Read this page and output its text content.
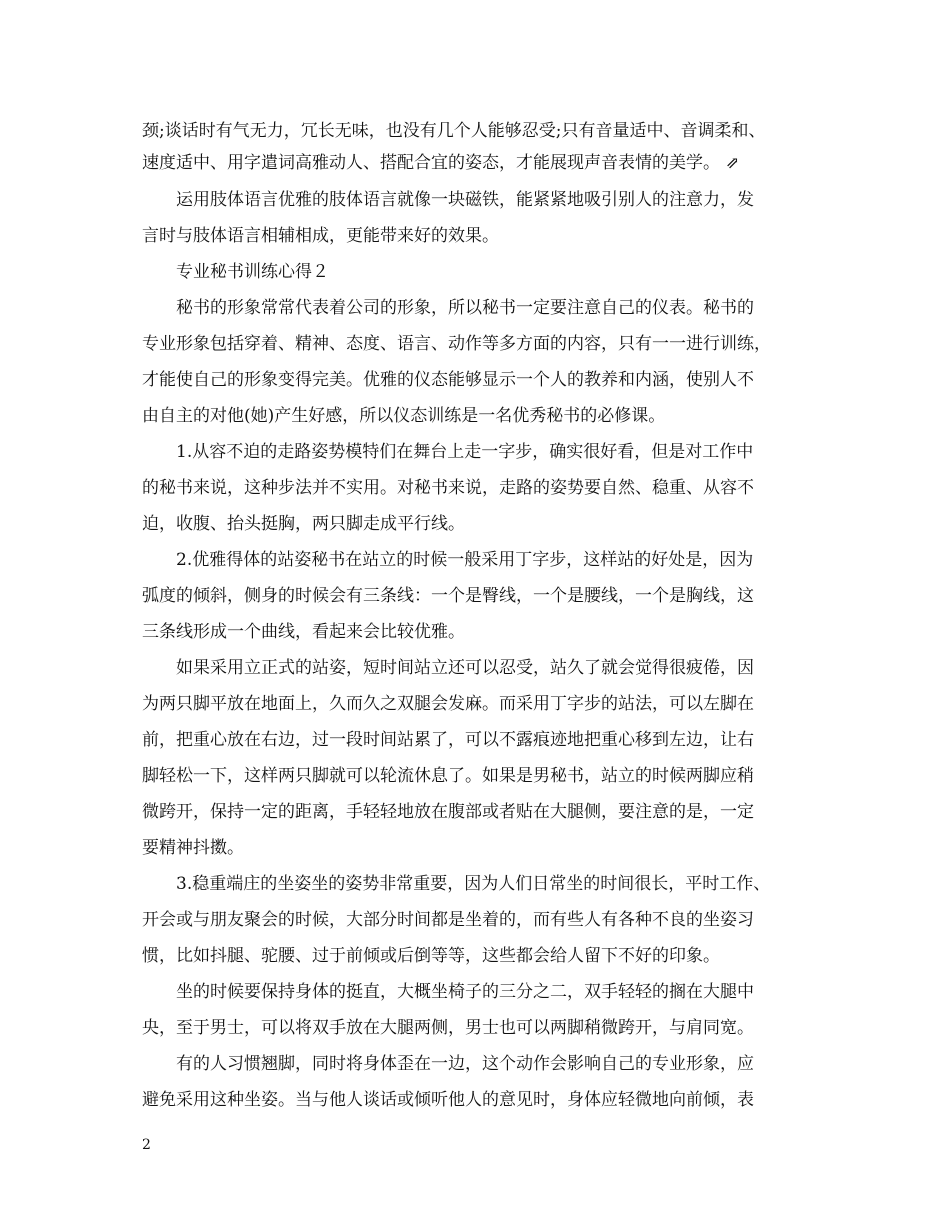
颈;谈话时有气无力，冗长无味，也没有几个人能够忍受;只有音量适中、音调柔和、
速度适中、用字遣词高雅动人、搭配合宜的姿态，才能展现声音表情的美学。 ⇗
运用肢体语言优雅的肢体语言就像一块磁铁，能紧紧地吸引别人的注意力，发
言时与肢体语言相辅相成，更能带来好的效果。
专业秘书训练心得２
秘书的形象常常代表着公司的形象，所以秘书一定要注意自己的仪表。秘书的
专业形象包括穿着、精神、态度、语言、动作等多方面的内容，只有一一进行训练，
才能使自己的形象变得完美。优雅的仪态能够显示一个人的教养和内涵，使别人不
由自主的对他(她)产生好感，所以仪态训练是一名优秀秘书的必修课。
1.从容不迫的走路姿势模特们在舞台上走一字步，确实很好看，但是对工作中
的秘书来说，这种步法并不实用。对秘书来说，走路的姿势要自然、稳重、从容不
迫，收腹、抬头挺胸，两只脚走成平行线。
2.优雅得体的站姿秘书在站立的时候一般采用丁字步，这样站的好处是，因为
弧度的倾斜，侧身的时候会有三条线：一个是臀线，一个是腰线，一个是胸线，这
三条线形成一个曲线，看起来会比较优雅。
如果采用立正式的站姿，短时间站立还可以忍受，站久了就会觉得很疲倦，因
为两只脚平放在地面上，久而久之双腿会发麻。而采用丁字步的站法，可以左脚在
前，把重心放在右边，过一段时间站累了，可以不露痕迹地把重心移到左边，让右
脚轻松一下，这样两只脚就可以轮流休息了。如果是男秘书，站立的时候两脚应稍
微跨开，保持一定的距离，手轻轻地放在腹部或者贴在大腿侧，要注意的是，一定
要精神抖擞。
3.稳重端庄的坐姿坐的姿势非常重要，因为人们日常坐的时间很长，平时工作、
开会或与朋友聚会的时候，大部分时间都是坐着的，而有些人有各种不良的坐姿习
惯，比如抖腿、驼腰、过于前倾或后倒等等，这些都会给人留下不好的印象。
坐的时候要保持身体的挺直，大概坐椅子的三分之二，双手轻轻的搁在大腿中
央，至于男士，可以将双手放在大腿两侧，男士也可以两脚稍微跨开，与肩同宽。
有的人习惯翘脚，同时将身体歪在一边，这个动作会影响自己的专业形象，应
避免采用这种坐姿。当与他人谈话或倾听他人的意见时，身体应轻微地向前倾，表
2
